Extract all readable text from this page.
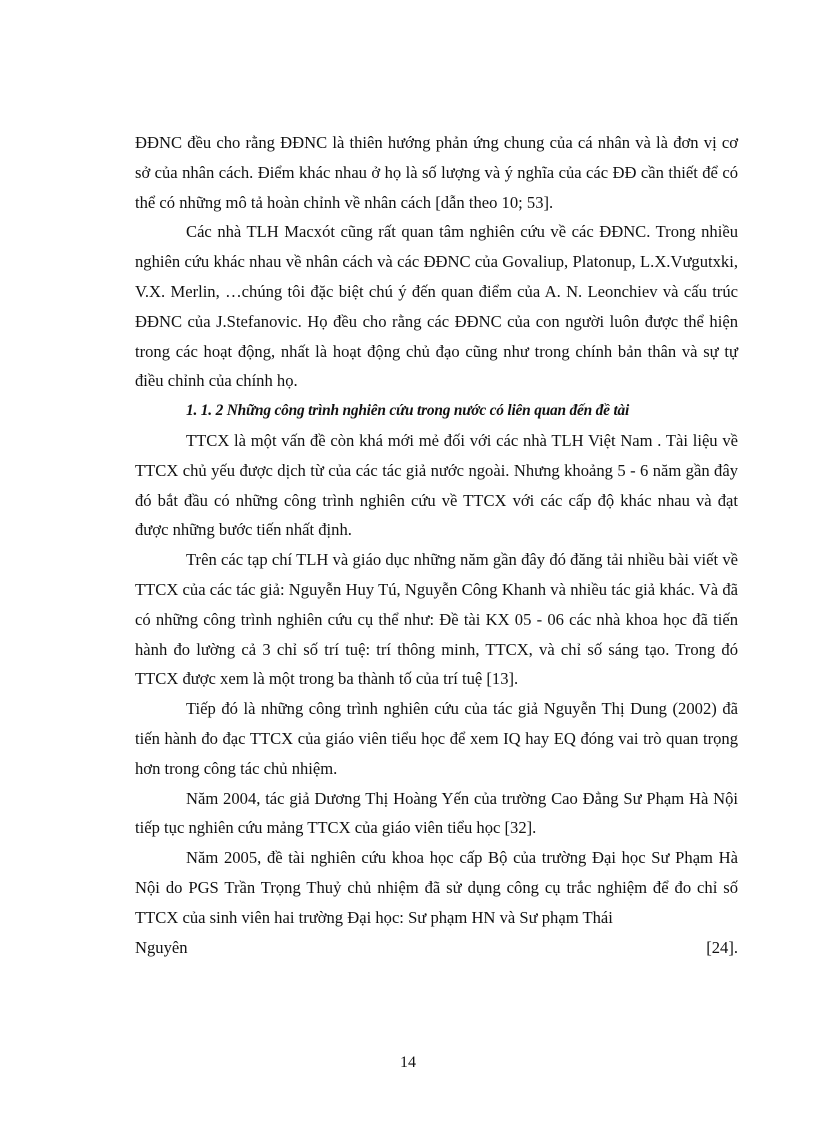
ĐĐNC đều cho rằng ĐĐNC là thiên hướng phản ứng chung của cá nhân và là đơn vị cơ sở của nhân cách. Điểm khác nhau ở họ là số lượng và ý nghĩa của các ĐĐ cần thiết để có thể có những mô tả hoàn chỉnh về nhân cách [dẫn theo 10; 53].

Các nhà TLH Macxót cũng rất quan tâm nghiên cứu về các ĐĐNC. Trong nhiều nghiên cứu khác nhau về nhân cách và các ĐĐNC của Govaliup, Platonup, L.X.Vưgutxki, V.X. Merlin, …chúng tôi đặc biệt chú ý đến quan điểm của A. N. Leonchiev và cấu trúc ĐĐNC của J.Stefanovic. Họ đều cho rằng các ĐĐNC của con người luôn được thể hiện trong các hoạt động, nhất là hoạt động chủ đạo cũng như trong chính bản thân và sự tự điều chỉnh của chính họ.

1. 1. 2 Những công trình nghiên cứu trong nước có liên quan đến đề tài

TTCX là một vấn đề còn khá mới mẻ đối với các nhà TLH Việt Nam . Tài liệu về TTCX chủ yếu được dịch từ của các tác giả nước ngoài. Nhưng khoảng 5 - 6 năm gần đây đó bắt đầu có những công trình nghiên cứu về TTCX với các cấp độ khác nhau và đạt được những bước tiến nhất định.

Trên các tạp chí TLH và giáo dục những năm gần đây đó đăng tải nhiều bài viết về TTCX của các tác giả: Nguyễn Huy Tú, Nguyễn Công Khanh và nhiều tác giả khác. Và đã có những công trình nghiên cứu cụ thể như: Đề tài KX 05 - 06 các nhà khoa học đã tiến hành đo lường cả 3 chỉ số trí tuệ: trí thông minh, TTCX, và chỉ số sáng tạo. Trong đó TTCX được xem là một trong ba thành tố của trí tuệ [13].

Tiếp đó là những công trình nghiên cứu của tác giả Nguyễn Thị Dung (2002) đã tiến hành đo đạc TTCX của giáo viên tiểu học để xem IQ hay EQ đóng vai trò quan trọng hơn trong công tác chủ nhiệm.

Năm 2004, tác giả Dương Thị Hoàng Yến của trường Cao Đẳng Sư Phạm Hà Nội tiếp tục nghiên cứu mảng TTCX của giáo viên tiểu học [32].

Năm 2005, đề tài nghiên cứu khoa học cấp Bộ của trường Đại học Sư Phạm Hà Nội do PGS Trần Trọng Thuỷ chủ nhiệm đã sử dụng công cụ trắc nghiệm để đo chỉ số TTCX của sinh viên hai trường Đại học: Sư phạm HN và Sư phạm Thái

Nguyên	[24].
14
